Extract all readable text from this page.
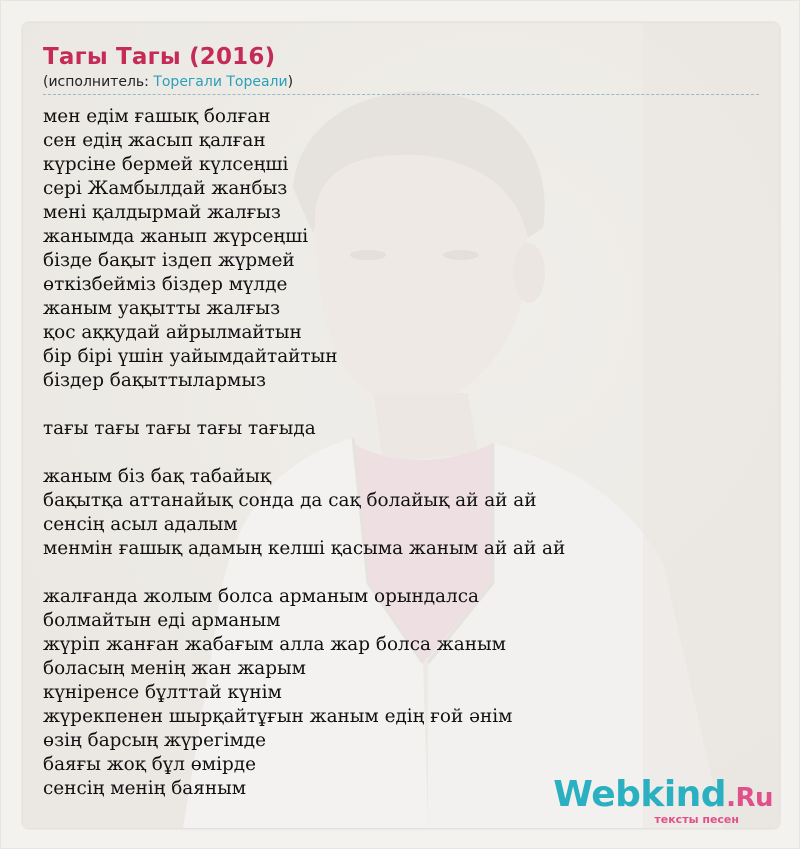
Тагы Тагы (2016)
(исполнитель: Торегали Тореали)
мен едім ғашық болған
сен едің жасып қалған
күрсіне бермей күлсеңші
серi Жамбылдай жанбыз
мені қалдырмай жалғыз
жанымда жанып жүрсеңші
бізде бақыт іздеп жүрмей
өткізбейміз біздер мүлде
жаным уақытты жалғыз
қос аққудай айрылмайтын
бір бірі үшін уайымдайтайтын
біздер бақыттылармыз
тағы тағы тағы тағы тағыда
жаным біз бақ табайық
бақытқа аттанайық сонда да сақ болайық ай ай ай
сенсің асыл адалым
менмін ғашық адамың келші қасыма жаным ай ай ай
жалғанда жолым болса арманым орындалса
болмайтын еді арманым
жүріп жанған жабағым алла жар болса жаным
боласың менің жан жарым
күніренсе бұлттай күнім
жүрекпенен шырқайтұғын жаным едің ғой әнім
өзің барсың жүрегімде
баяғы жоқ бұл өмірде
сенсің менің баяным	Webkind.Ru
тексты песен
